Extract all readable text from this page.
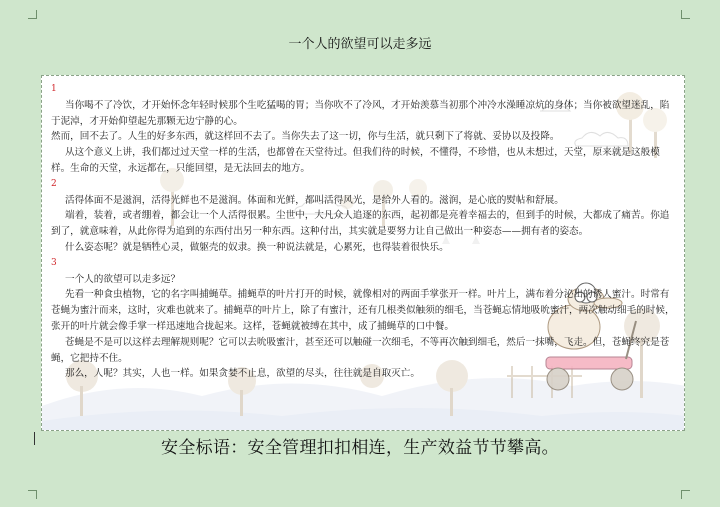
一个人的欲望可以走多远
1

当你喝不了冷饮，才开始怀念年轻时候那个生吃猛喝的胃；当你吹不了冷风，才开始羡慕当初那个冲冷水澡睡凉炕的身体；当你被欲望迷乱，陷于泥淖，才开始仰望起先那颗无边宁静的心。

然而，回不去了。人生的好多东西，就这样回不去了。当你失去了这一切，你与生活，就只剩下了将就、妥协以及投降。

从这个意义上讲，我们都过过天堂一样的生活，也都曾在天堂待过。但我们待的时候，不懂得，不珍惜，也从未想过，天堂，原来就是这般模样。生命的天堂，永远都在，只能回望，是无法回去的地方。

2

活得体面不是滋润，活得光鲜也不是滋润。体面和光鲜，都叫活得风光，是给外人看的。滋润，是心底的熨帖和舒展。

端着，装着，或者绷着，都会让一个人活得很累。尘世中，大凡众人追逐的东西，起初都是亮着幸福去的，但到手的时候，大都成了痛苦。你追到了，就意味着，从此你得为追到的东西付出另一种东西。这种付出，其实就是要努力让自己做出一种姿态——拥有者的姿态。

什么姿态呢？就是牺牲心灵，做躯壳的奴隶。换一种说法就是，心累死，也得装着很快乐。

3

一个人的欲望可以走多远？

先看一种食虫植物，它的名字叫捕蝇草。捕蝇草的叶片打开的时候，就像相对的两面手掌张开一样。叶片上，满布着分泌出的诱人蜜汁。时常有苍蝇为蜜汁而来，这时，灾难也就来了。捕蝇草的叶片上，除了有蜜汁，还有几根类似触须的细毛，当苍蝇忘情地吸吮蜜汁，两次触动细毛的时候，张开的叶片就会像手掌一样迅速地合拢起来。这样，苍蝇就被缚在其中，成了捕蝇草的口中餐。

苍蝇是不是可以这样去理解规则呢？它可以去吮吸蜜汁，甚至还可以触碰一次细毛，不等再次触到细毛，然后一抹嘴，飞走。但，苍蝇终究是苍蝇，它把持不住。

那么，人呢？其实，人也一样。如果贪婪不止息，欲望的尽头，往往就是自取灭亡。

安全标语：安全管理扣扣相连，生产效益节节攀高。
